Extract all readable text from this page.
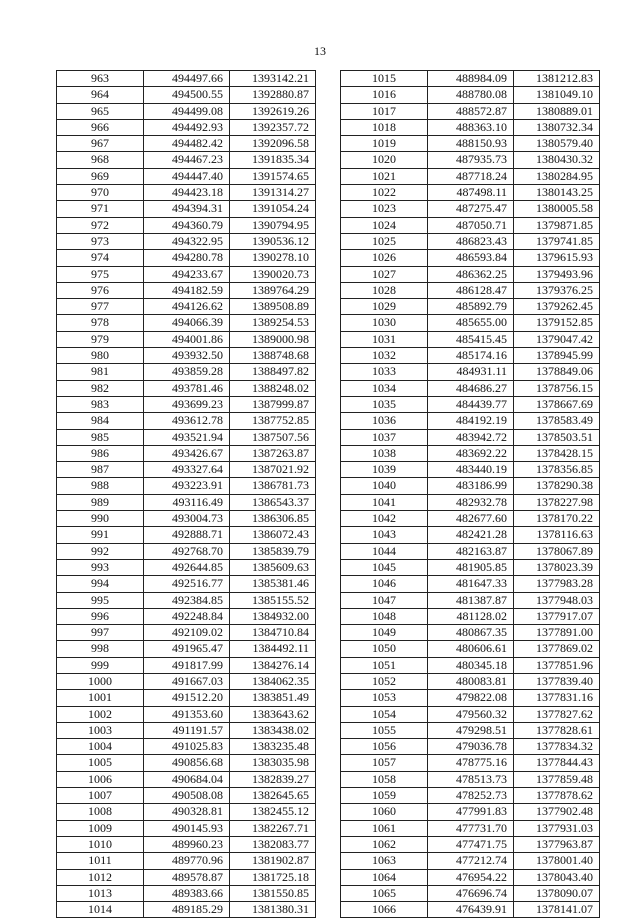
13
963	494497.66	1393142.21
964	494500.55	1392880.87
965	494499.08	1392619.26
966	494492.93	1392357.72
967	494482.42	1392096.58
968	494467.23	1391835.34
969	494447.40	1391574.65
970	494423.18	1391314.27
971	494394.31	1391054.24
972	494360.79	1390794.95
973	494322.95	1390536.12
974	494280.78	1390278.10
975	494233.67	1390020.73
976	494182.59	1389764.29
977	494126.62	1389508.89
978	494066.39	1389254.53
979	494001.86	1389000.98
980	493932.50	1388748.68
981	493859.28	1388497.82
982	493781.46	1388248.02
983	493699.23	1387999.87
984	493612.78	1387752.85
985	493521.94	1387507.56
986	493426.67	1387263.87
987	493327.64	1387021.92
988	493223.91	1386781.73
989	493116.49	1386543.37
990	493004.73	1386306.85
991	492888.71	1386072.43
992	492768.70	1385839.79
993	492644.85	1385609.63
994	492516.77	1385381.46
995	492384.85	1385155.52
996	492248.84	1384932.00
997	492109.02	1384710.84
998	491965.47	1384492.11
999	491817.99	1384276.14
1000	491667.03	1384062.35
1001	491512.20	1383851.49
1002	491353.60	1383643.62
1003	491191.57	1383438.02
1004	491025.83	1383235.48
1005	490856.68	1383035.98
1006	490684.04	1382839.27
1007	490508.08	1382645.65
1008	490328.81	1382455.12
1009	490145.93	1382267.71
1010	489960.23	1382083.77
1011	489770.96	1381902.87
1012	489578.87	1381725.18
1013	489383.66	1381550.85
1014	489185.29	1381380.31
1015	488984.09	1381212.83
1016	488780.08	1381049.10
1017	488572.87	1380889.01
1018	488363.10	1380732.34
1019	488150.93	1380579.40
1020	487935.73	1380430.32
1021	487718.24	1380284.95
1022	487498.11	1380143.25
1023	487275.47	1380005.58
1024	487050.71	1379871.85
1025	486823.43	1379741.85
1026	486593.84	1379615.93
1027	486362.25	1379493.96
1028	486128.47	1379376.25
1029	485892.79	1379262.45
1030	485655.00	1379152.85
1031	485415.45	1379047.42
1032	485174.16	1378945.99
1033	484931.11	1378849.06
1034	484686.27	1378756.15
1035	484439.77	1378667.69
1036	484192.19	1378583.49
1037	483942.72	1378503.51
1038	483692.22	1378428.15
1039	483440.19	1378356.85
1040	483186.99	1378290.38
1041	482932.78	1378227.98
1042	482677.60	1378170.22
1043	482421.28	1378116.63
1044	482163.87	1378067.89
1045	481905.85	1378023.39
1046	481647.33	1377983.28
1047	481387.87	1377948.03
1048	481128.02	1377917.07
1049	480867.35	1377891.00
1050	480606.61	1377869.02
1051	480345.18	1377851.96
1052	480083.81	1377839.40
1053	479822.08	1377831.16
1054	479560.32	1377827.62
1055	479298.51	1377828.61
1056	479036.78	1377834.32
1057	478775.16	1377844.43
1058	478513.73	1377859.48
1059	478252.73	1377878.62
1060	477991.83	1377902.48
1061	477731.70	1377931.03
1062	477471.75	1377963.87
1063	477212.74	1378001.40
1064	476954.22	1378043.40
1065	476696.74	1378090.07
1066	476439.91	1378141.07
